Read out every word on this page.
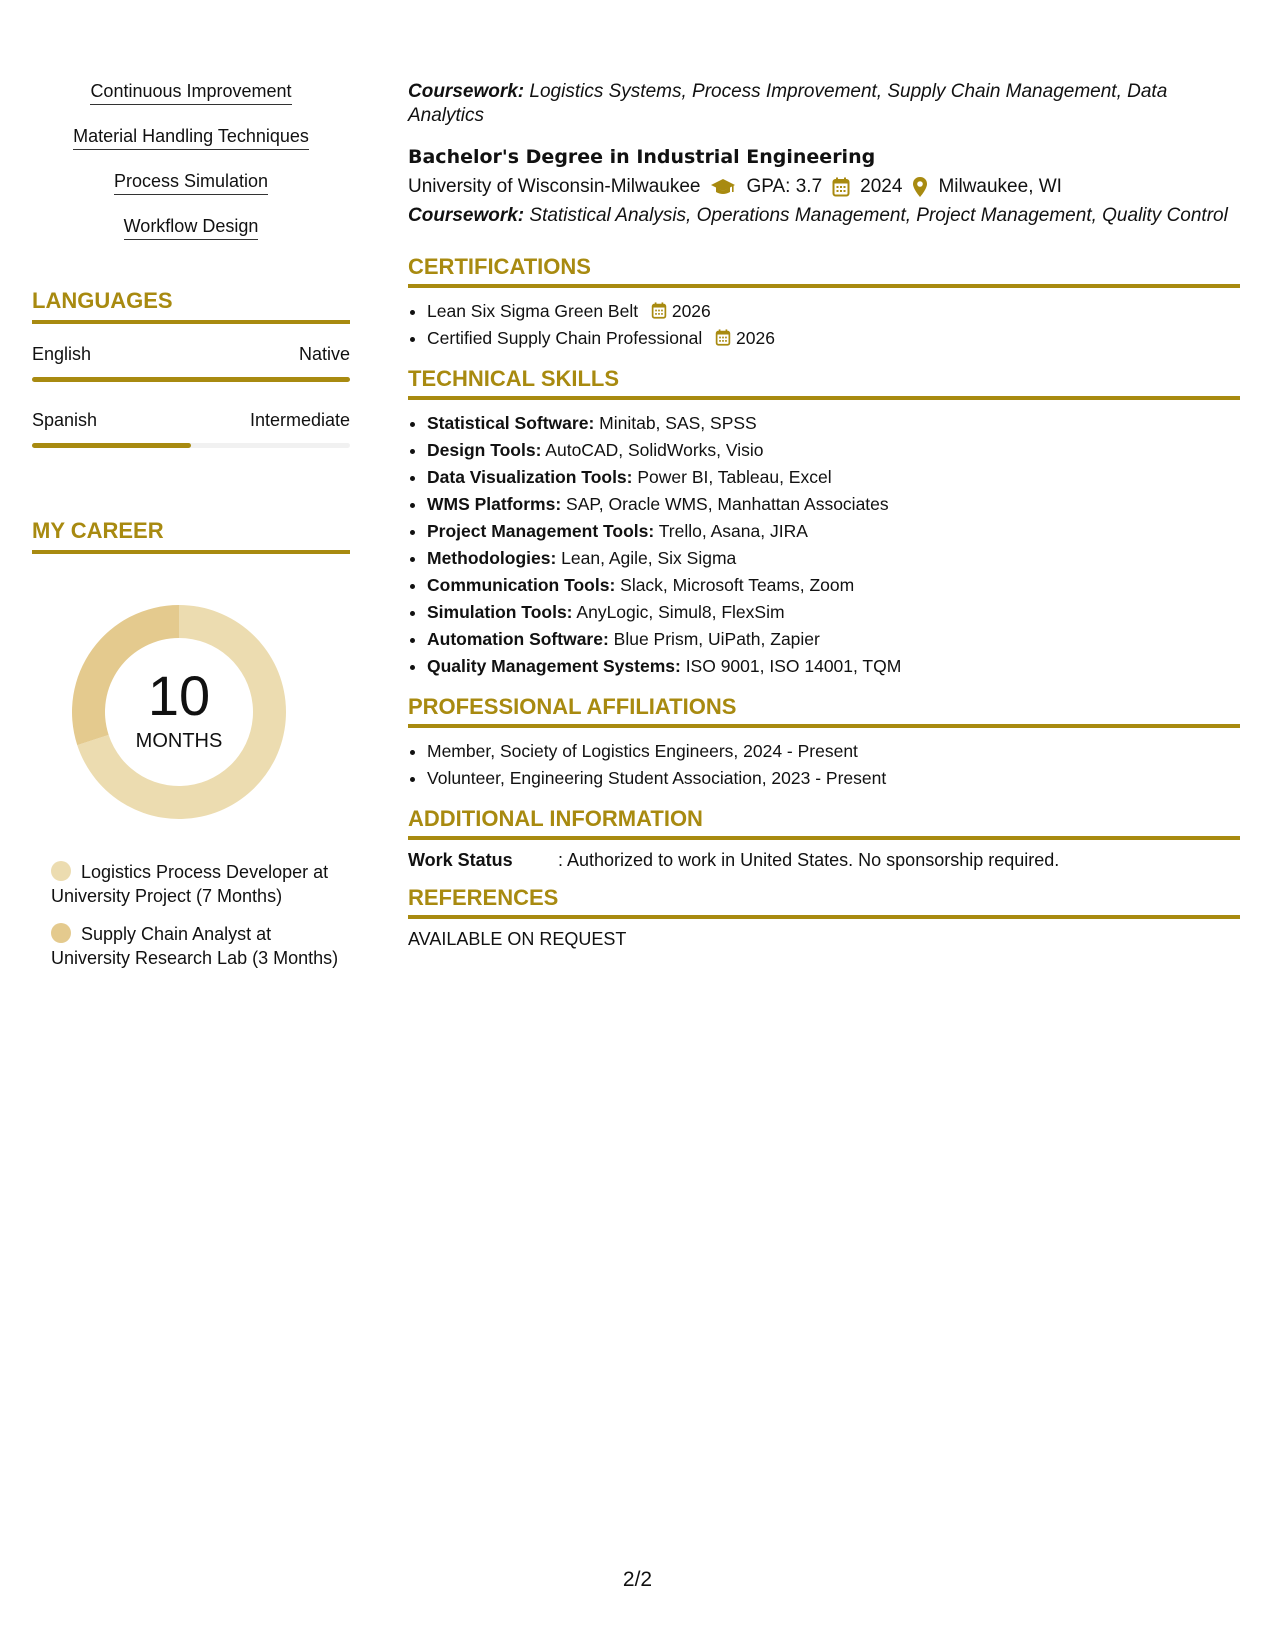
Continuous Improvement
Material Handling Techniques
Process Simulation
Workflow Design
LANGUAGES
English	Native
Spanish	Intermediate
MY CAREER
10
MONTHS
Logistics Process Developer at University Project (7 Months)
Supply Chain Analyst at University Research Lab (3 Months)
Coursework: Logistics Systems, Process Improvement, Supply Chain Management, Data Analytics
Bachelor's Degree in Industrial Engineering
University of Wisconsin-Milwaukee GPA: 3.7 2024 Milwaukee, WI
Coursework: Statistical Analysis, Operations Management, Project Management, Quality Control
CERTIFICATIONS
• Lean Six Sigma Green Belt 2026
• Certified Supply Chain Professional 2026
TECHNICAL SKILLS
• Statistical Software: Minitab, SAS, SPSS
• Design Tools: AutoCAD, SolidWorks, Visio
• Data Visualization Tools: Power BI, Tableau, Excel
• WMS Platforms: SAP, Oracle WMS, Manhattan Associates
• Project Management Tools: Trello, Asana, JIRA
• Methodologies: Lean, Agile, Six Sigma
• Communication Tools: Slack, Microsoft Teams, Zoom
• Simulation Tools: AnyLogic, Simul8, FlexSim
• Automation Software: Blue Prism, UiPath, Zapier
• Quality Management Systems: ISO 9001, ISO 14001, TQM
PROFESSIONAL AFFILIATIONS
• Member, Society of Logistics Engineers, 2024 - Present
• Volunteer, Engineering Student Association, 2023 - Present
ADDITIONAL INFORMATION
Work Status	: Authorized to work in United States. No sponsorship required.
REFERENCES
AVAILABLE ON REQUEST
2/2
